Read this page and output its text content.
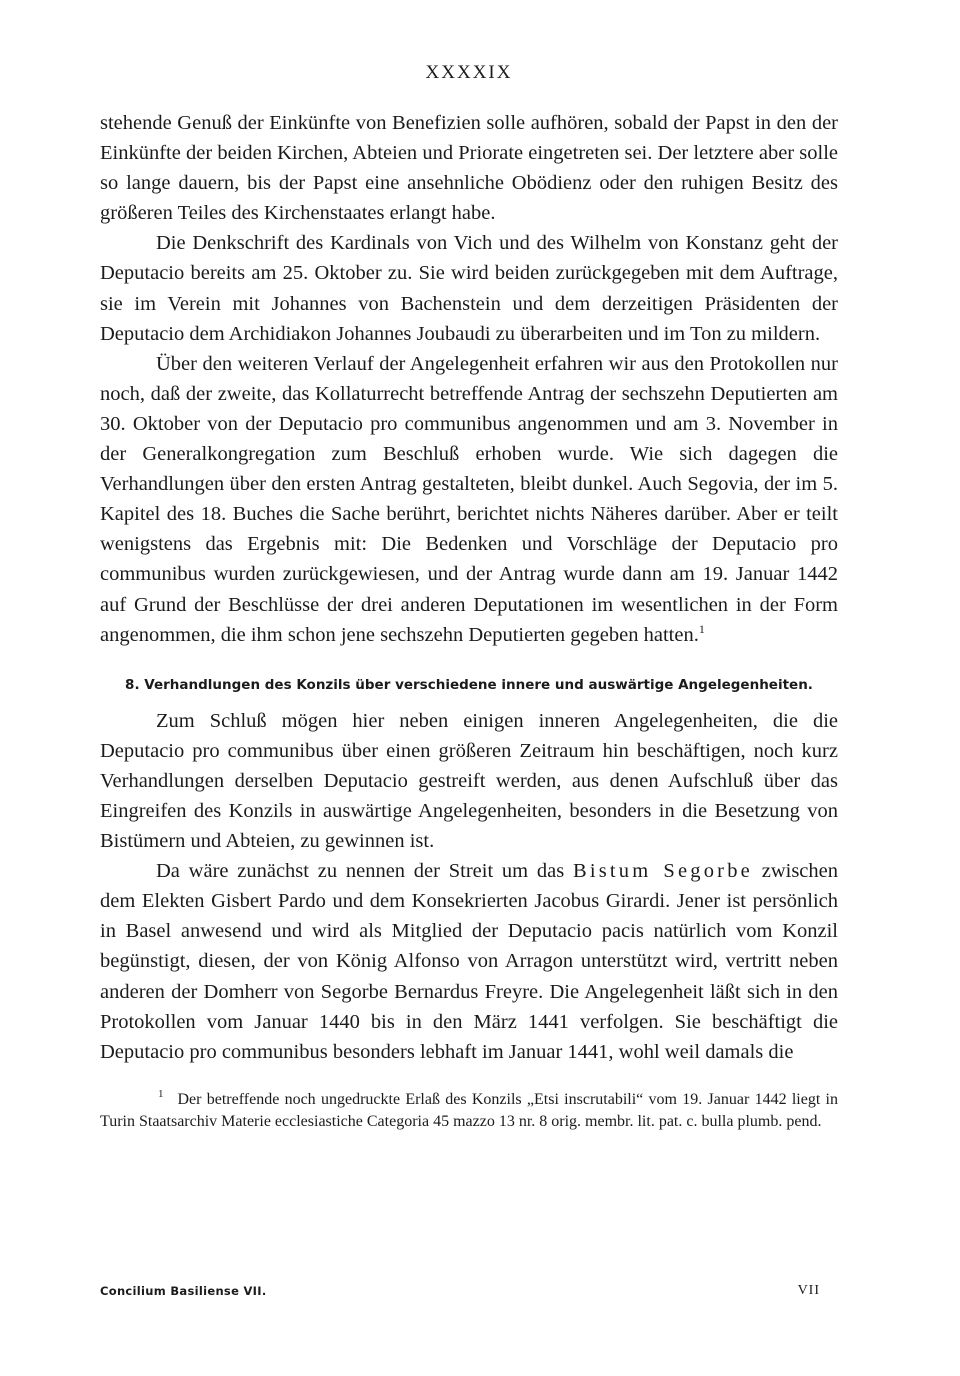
XXXXIX

stehende Genuß der Einkünfte von Benefizien solle aufhören, sobald der Papst in den der Einkünfte der beiden Kirchen, Abteien und Priorate eingetreten sei. Der letztere aber solle so lange dauern, bis der Papst eine ansehnliche Obödienz oder den ruhigen Besitz des größeren Teiles des Kirchenstaates erlangt habe.

Die Denkschrift des Kardinals von Vich und des Wilhelm von Konstanz geht der Deputacio bereits am 25. Oktober zu. Sie wird beiden zurückgegeben mit dem Auftrage, sie im Verein mit Johannes von Bachenstein und dem derzeitigen Präsidenten der Deputacio dem Archidiakon Johannes Joubaudi zu überarbeiten und im Ton zu mildern.

Über den weiteren Verlauf der Angelegenheit erfahren wir aus den Protokollen nur noch, daß der zweite, das Kollaturrecht betreffende Antrag der sechszehn Deputierten am 30. Oktober von der Deputacio pro communibus angenommen und am 3. November in der Generalkongregation zum Beschluß erhoben wurde. Wie sich dagegen die Verhandlungen über den ersten Antrag gestalteten, bleibt dunkel. Auch Segovia, der im 5. Kapitel des 18. Buches die Sache berührt, berichtet nichts Näheres darüber. Aber er teilt wenigstens das Ergebnis mit: Die Bedenken und Vorschläge der Deputacio pro communibus wurden zurückgewiesen, und der Antrag wurde dann am 19. Januar 1442 auf Grund der Beschlüsse der drei anderen Deputationen im wesentlichen in der Form angenommen, die ihm schon jene sechszehn Deputierten gegeben hatten.$^1$

8. Verhandlungen des Konzils über verschiedene innere und auswärtige Angelegenheiten.

Zum Schluß mögen hier neben einigen inneren Angelegenheiten, die die Deputacio pro communibus über einen größeren Zeitraum hin beschäftigen, noch kurz Verhandlungen derselben Deputacio gestreift werden, aus denen Aufschluß über das Eingreifen des Konzils in auswärtige Angelegenheiten, besonders in die Besetzung von Bistümern und Abteien, zu gewinnen ist.

Da wäre zunächst zu nennen der Streit um das Bistum Segorbe zwischen dem Elekten Gisbert Pardo und dem Konsekrierten Jacobus Girardi. Jener ist persönlich in Basel anwesend und wird als Mitglied der Deputacio pacis natürlich vom Konzil begünstigt, diesen, der von König Alfonso von Arragon unterstützt wird, vertritt neben anderen der Domherr von Segorbe Bernardus Freyre. Die Angelegenheit läßt sich in den Protokollen vom Januar 1440 bis in den März 1441 verfolgen. Sie beschäftigt die Deputacio pro communibus besonders lebhaft im Januar 1441, wohl weil damals die

$^1$ Der betreffende noch ungedruckte Erlaß des Konzils „Etsi inscrutabili“ vom 19. Januar 1442 liegt in Turin Staatsarchiv Materie ecclesiastiche Categoria 45 mazzo 13 nr. 8 orig. membr. lit. pat. c. bulla plumb. pend.

Concilium Basiliense VII.	VII
